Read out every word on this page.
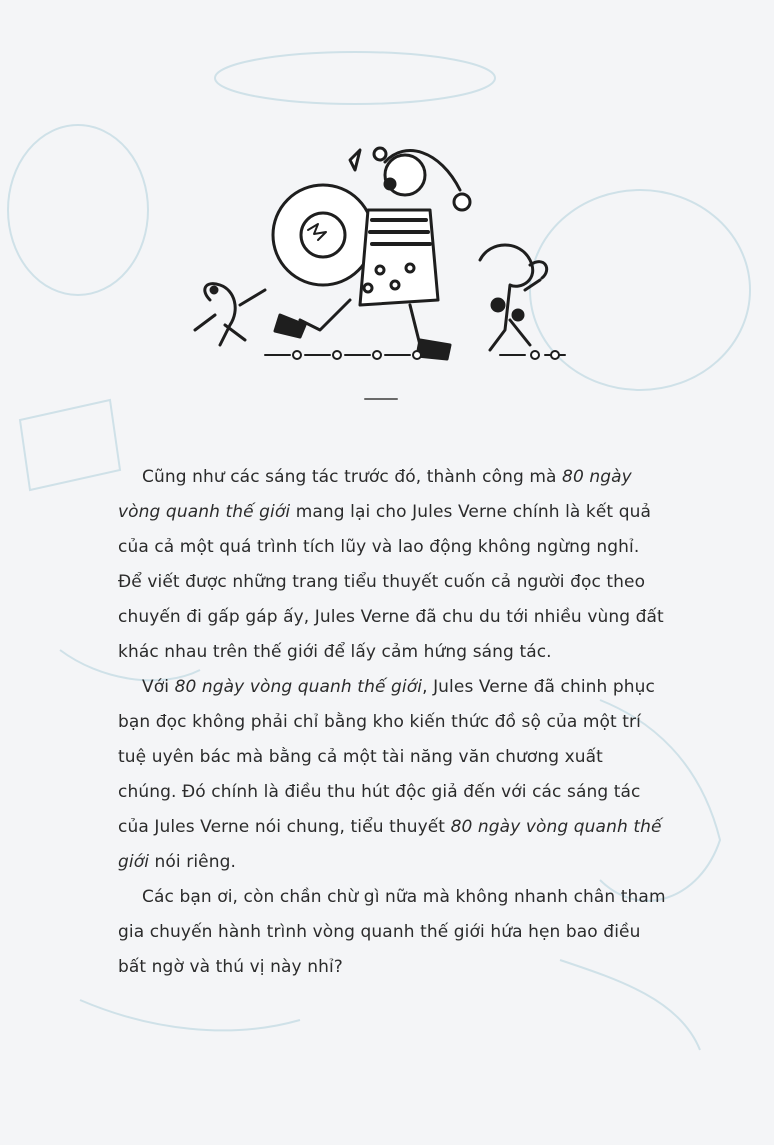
Cũng như các sáng tác trước đó, thành công mà 80 ngày vòng quanh thế giới mang lại cho Jules Verne chính là kết quả của cả một quá trình tích lũy và lao động không ngừng nghỉ. Để viết được những trang tiểu thuyết cuốn cả người đọc theo chuyến đi gấp gáp ấy, Jules Verne đã chu du tới nhiều vùng đất khác nhau trên thế giới để lấy cảm hứng sáng tác.

Với 80 ngày vòng quanh thế giới, Jules Verne đã chinh phục bạn đọc không phải chỉ bằng kho kiến thức đồ sộ của một trí tuệ uyên bác mà bằng cả một tài năng văn chương xuất chúng. Đó chính là điều thu hút độc giả đến với các sáng tác của Jules Verne nói chung, tiểu thuyết 80 ngày vòng quanh thế giới nói riêng.

Các bạn ơi, còn chần chừ gì nữa mà không nhanh chân tham gia chuyến hành trình vòng quanh thế giới hứa hẹn bao điều bất ngờ và thú vị này nhỉ?
